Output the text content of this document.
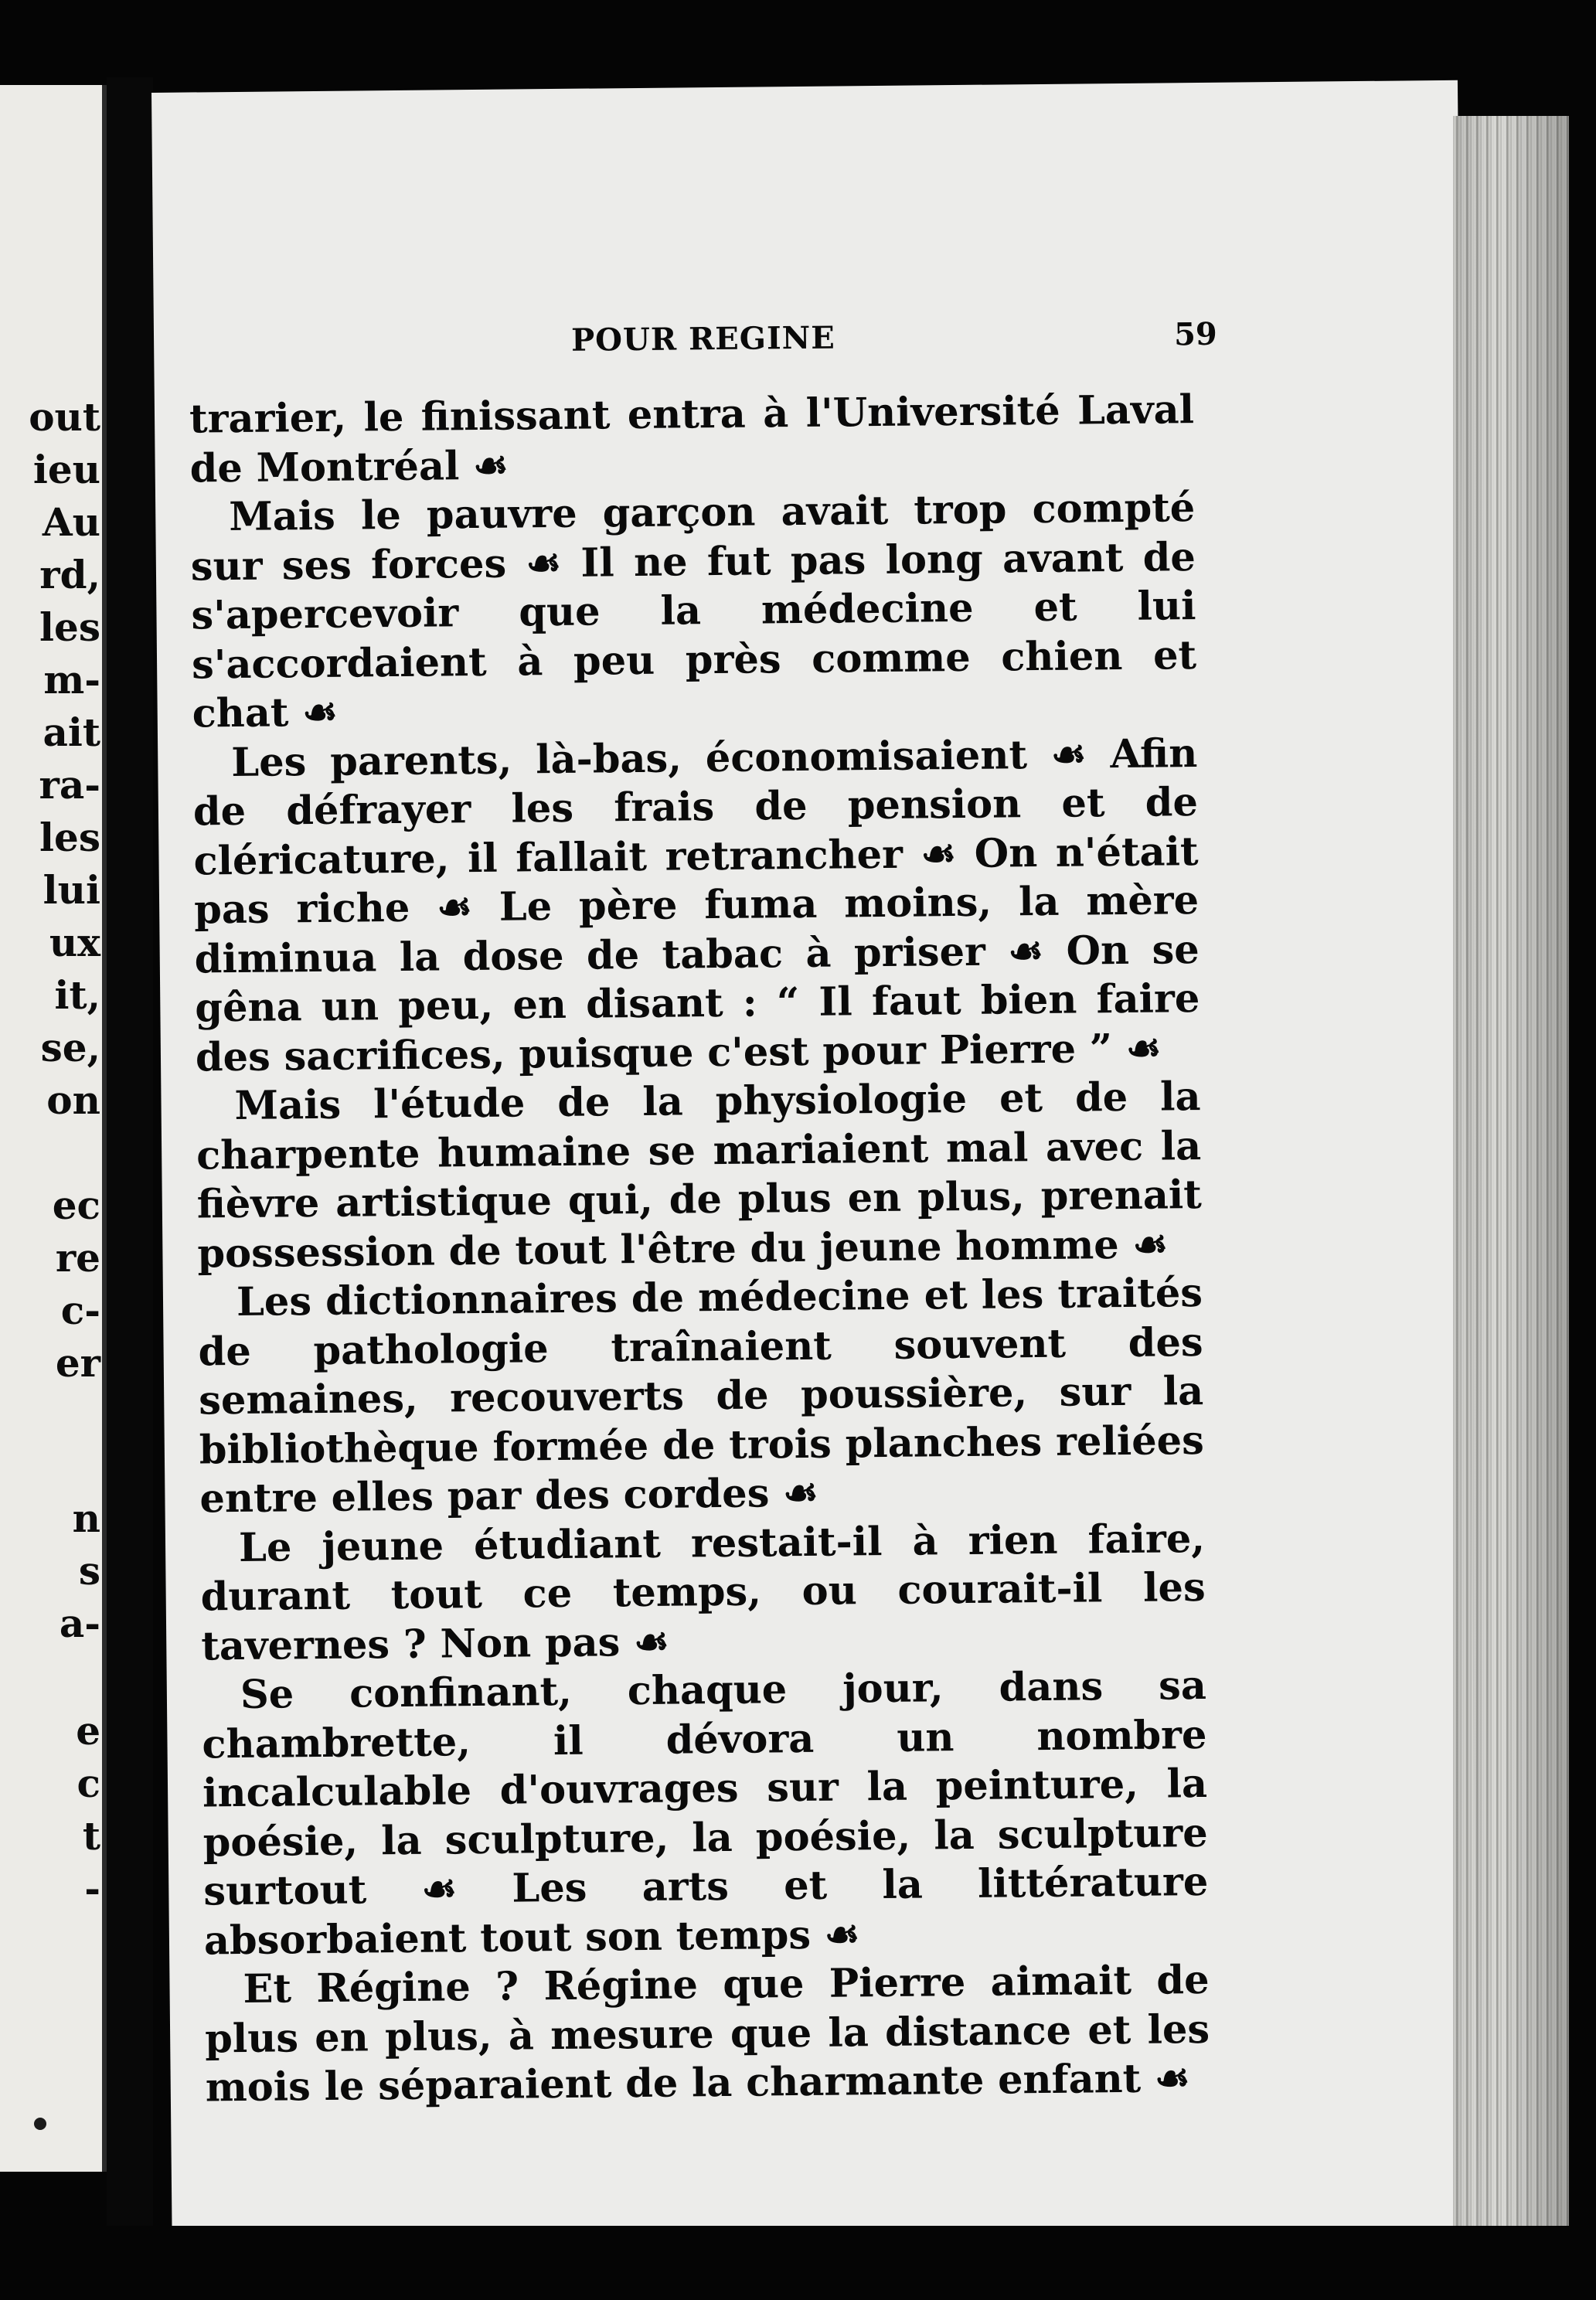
out

ieu

Au

rd,

les

m-

ait

ra-

les

lui

ux

it,

se,

on

ec

re

c-

er

n

s

a-

e

c

t

-

POUR REGINE	59

trarier, le finissant entra à l'Université Laval de Montréal ☙

Mais le pauvre garçon avait trop compté sur ses forces ☙ Il ne fut pas long avant de s'apercevoir que la médecine et lui s'accordaient à peu près comme chien et chat ☙

Les parents, là-bas, économisaient ☙ Afin de défrayer les frais de pension et de cléricature, il fallait retrancher ☙ On n'était pas riche ☙ Le père fuma moins, la mère diminua la dose de tabac à priser ☙ On se gêna un peu, en disant : “ Il faut bien faire des sacrifices, puisque c'est pour Pierre ” ☙

Mais l'étude de la physiologie et de la charpente humaine se mariaient mal avec la fièvre artistique qui, de plus en plus, prenait possession de tout l'être du jeune homme ☙

Les dictionnaires de médecine et les traités de pathologie traînaient souvent des semaines, recouverts de poussière, sur la bibliothèque formée de trois planches reliées entre elles par des cordes ☙

Le jeune étudiant restait-il à rien faire, durant tout ce temps, ou courait-il les tavernes ? Non pas ☙

Se confinant, chaque jour, dans sa chambrette, il dévora un nombre incalculable d'ouvrages sur la peinture, la poésie, la sculpture, la poésie, la sculpture surtout ☙ Les arts et la littérature absorbaient tout son temps ☙

Et Régine ? Régine que Pierre aimait de plus en plus, à mesure que la distance et les mois le séparaient de la charmante enfant ☙
